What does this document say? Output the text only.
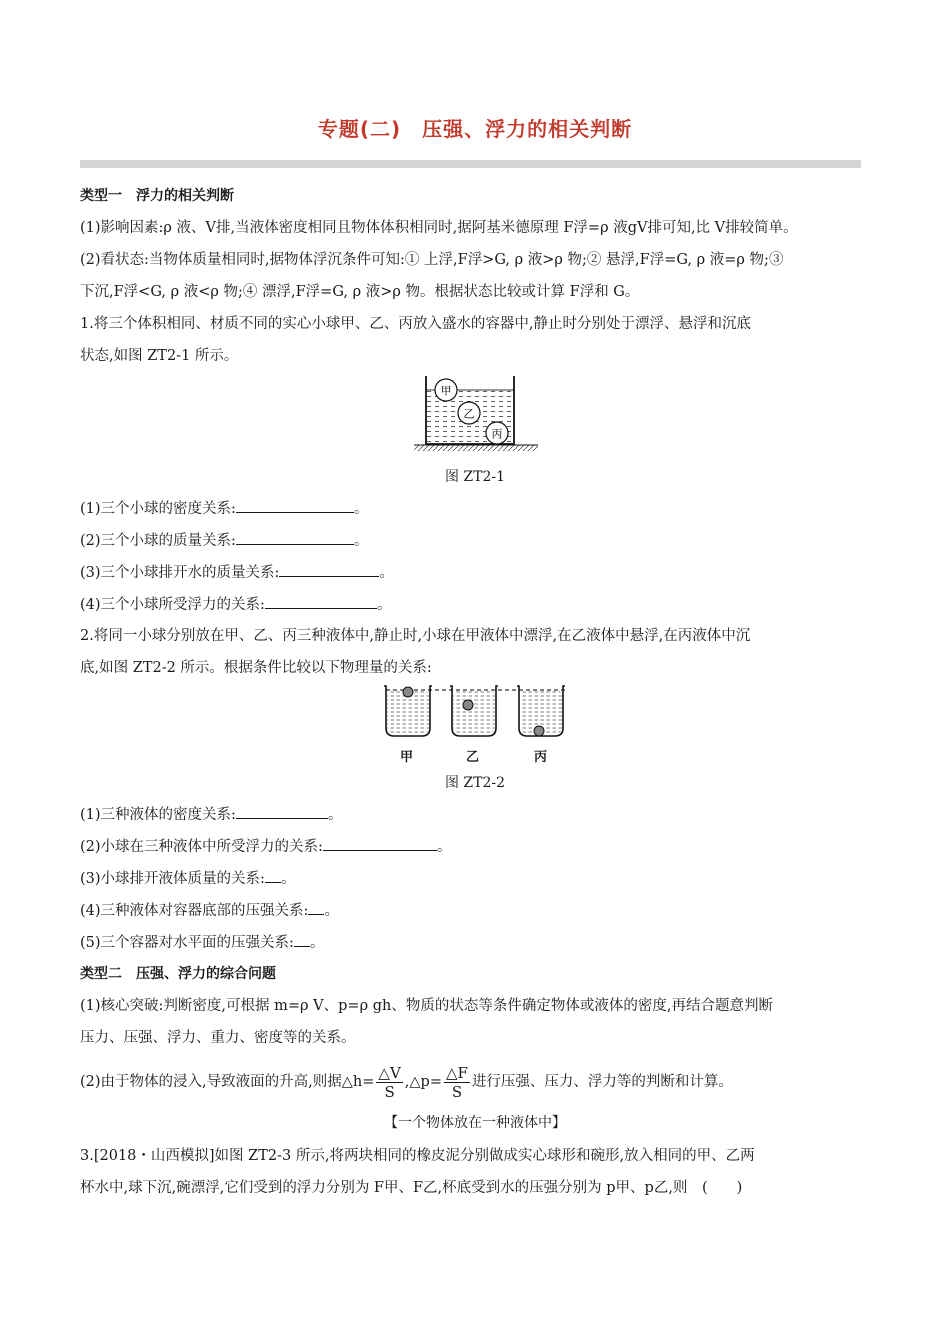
专题(二)　压强、浮力的相关判断
类型一　浮力的相关判断
(1)影响因素:ρ 液、V排,当液体密度相同且物体体积相同时,据阿基米德原理 F浮=ρ 液gV排可知,比 V排较简单。
(2)看状态:当物体质量相同时,据物体浮沉条件可知:① 上浮,F浮>G, ρ 液>ρ 物;② 悬浮,F浮=G, ρ 液=ρ 物;③
下沉,F浮<G, ρ 液<ρ 物;④ 漂浮,F浮=G, ρ 液>ρ 物。根据状态比较或计算 F浮和 G。
1.将三个体积相同、材质不同的实心小球甲、乙、丙放入盛水的容器中,静止时分别处于漂浮、悬浮和沉底
状态,如图 ZT2-1 所示。
甲
乙
丙
图 ZT2-1
(1)三个小球的密度关系:	。
(2)三个小球的质量关系:	。
(3)三个小球排开水的质量关系:	。
(4)三个小球所受浮力的关系:	。
2.将同一小球分别放在甲、乙、丙三种液体中,静止时,小球在甲液体中漂浮,在乙液体中悬浮,在丙液体中沉
底,如图 ZT2-2 所示。根据条件比较以下物理量的关系:
甲	乙	丙
图 ZT2-2
(1)三种液体的密度关系:	。
(2)小球在三种液体中所受浮力的关系:	。
(3)小球排开液体质量的关系: 。
(4)三种液体对容器底部的压强关系: 。
(5)三个容器对水平面的压强关系: 。
类型二　压强、浮力的综合问题
(1)核心突破:判断密度,可根据 m=ρ V、p=ρ gh、物质的状态等条件确定物体或液体的密度,再结合题意判断
压力、压强、浮力、重力、密度等的关系。
(2)由于物体的浸入,导致液面的升高,则据△h= $\frac{\triangle V}{S}$ ,△p= $\frac{\triangle F}{S}$ 进行压强、压力、浮力等的判断和计算。
【一个物体放在一种液体中】
3.[2018・山西模拟]如图 ZT2-3 所示,将两块相同的橡皮泥分别做成实心球形和碗形,放入相同的甲、乙两
杯水中,球下沉,碗漂浮,它们受到的浮力分别为 F甲、F乙,杯底受到水的压强分别为 p甲、p乙,则　(　　)
